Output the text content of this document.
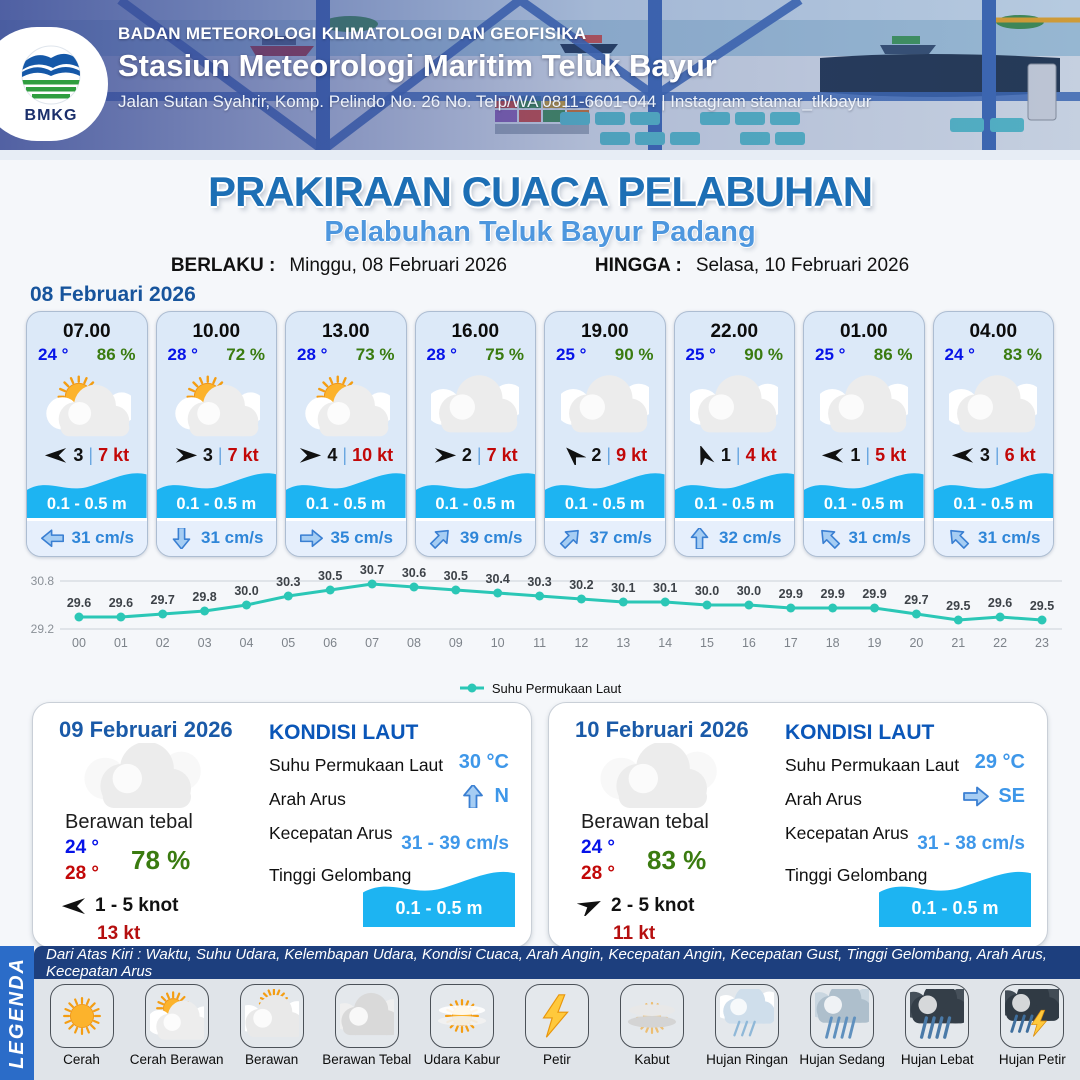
BMKG
BADAN METEOROLOGI KLIMATOLOGI DAN GEOFISIKA
Stasiun Meteorologi Maritim Teluk Bayur
Jalan Sutan Syahrir, Komp. Pelindo No. 26 No. Telp/WA 0811-6601-044 | Instagram stamar_tlkbayur
PRAKIRAAN CUACA PELABUHAN
Pelabuhan Teluk Bayur Padang
BERLAKU : Minggu, 08 Februari 2026	HINGGA : Selasa, 10 Februari 2026
08 Februari 2026
07.00
24 ° 86 %
3 | 7 kt
0.1 - 0.5 m
31 cm/s
10.00
28 ° 72 %
3 | 7 kt
0.1 - 0.5 m
31 cm/s
13.00
28 ° 73 %
4 | 10 kt
0.1 - 0.5 m
35 cm/s
16.00
28 ° 75 %
2 | 7 kt
0.1 - 0.5 m
39 cm/s
19.00
25 ° 90 %
2 | 9 kt
0.1 - 0.5 m
37 cm/s
22.00
25 ° 90 %
1 | 4 kt
0.1 - 0.5 m
32 cm/s
01.00
25 ° 86 %
1 | 5 kt
0.1 - 0.5 m
31 cm/s
04.00
24 ° 83 %
3 | 6 kt
0.1 - 0.5 m
31 cm/s
30.8
29.2
29.6
00
29.6
01
29.7
02
29.8
03
30.0
04
30.3
05
30.5
06
30.7
07
30.6
08
30.5
09
30.4
10
30.3
11
30.2
12
30.1
13
30.1
14
30.0
15
30.0
16
29.9
17
29.9
18
29.9
19
29.7
20
29.5
21
29.6
22
29.5
23
Suhu Permukaan Laut
09 Februari 2026
Berawan tebal
24 °
28 ° 78 %
1 - 5 knot
13 kt
KONDISI LAUT
Suhu Permukaan Laut 30 °C
Arah Arus	N
Kecepatan Arus 31 - 39 cm/s
Tinggi Gelombang
0.1 - 0.5 m
10 Februari 2026
Berawan tebal
24 °
28 ° 83 %
2 - 5 knot
11 kt
KONDISI LAUT
Suhu Permukaan Laut 29 °C
Arah Arus	SE
Kecepatan Arus 31 - 38 cm/s
Tinggi Gelombang
0.1 - 0.5 m
LEGENDA
Dari Atas Kiri : Waktu, Suhu Udara, Kelembapan Udara, Kondisi Cuaca, Arah Angin, Kecepatan Angin, Kecepatan Gust, Tinggi Gelombang, Arah Arus, Kecepatan Arus
Cerah Cerah Berawan Berawan Berawan Tebal Udara Kabur	Petir	Kabut	Hujan Ringan Hujan Sedang Hujan Lebat Hujan Petir
